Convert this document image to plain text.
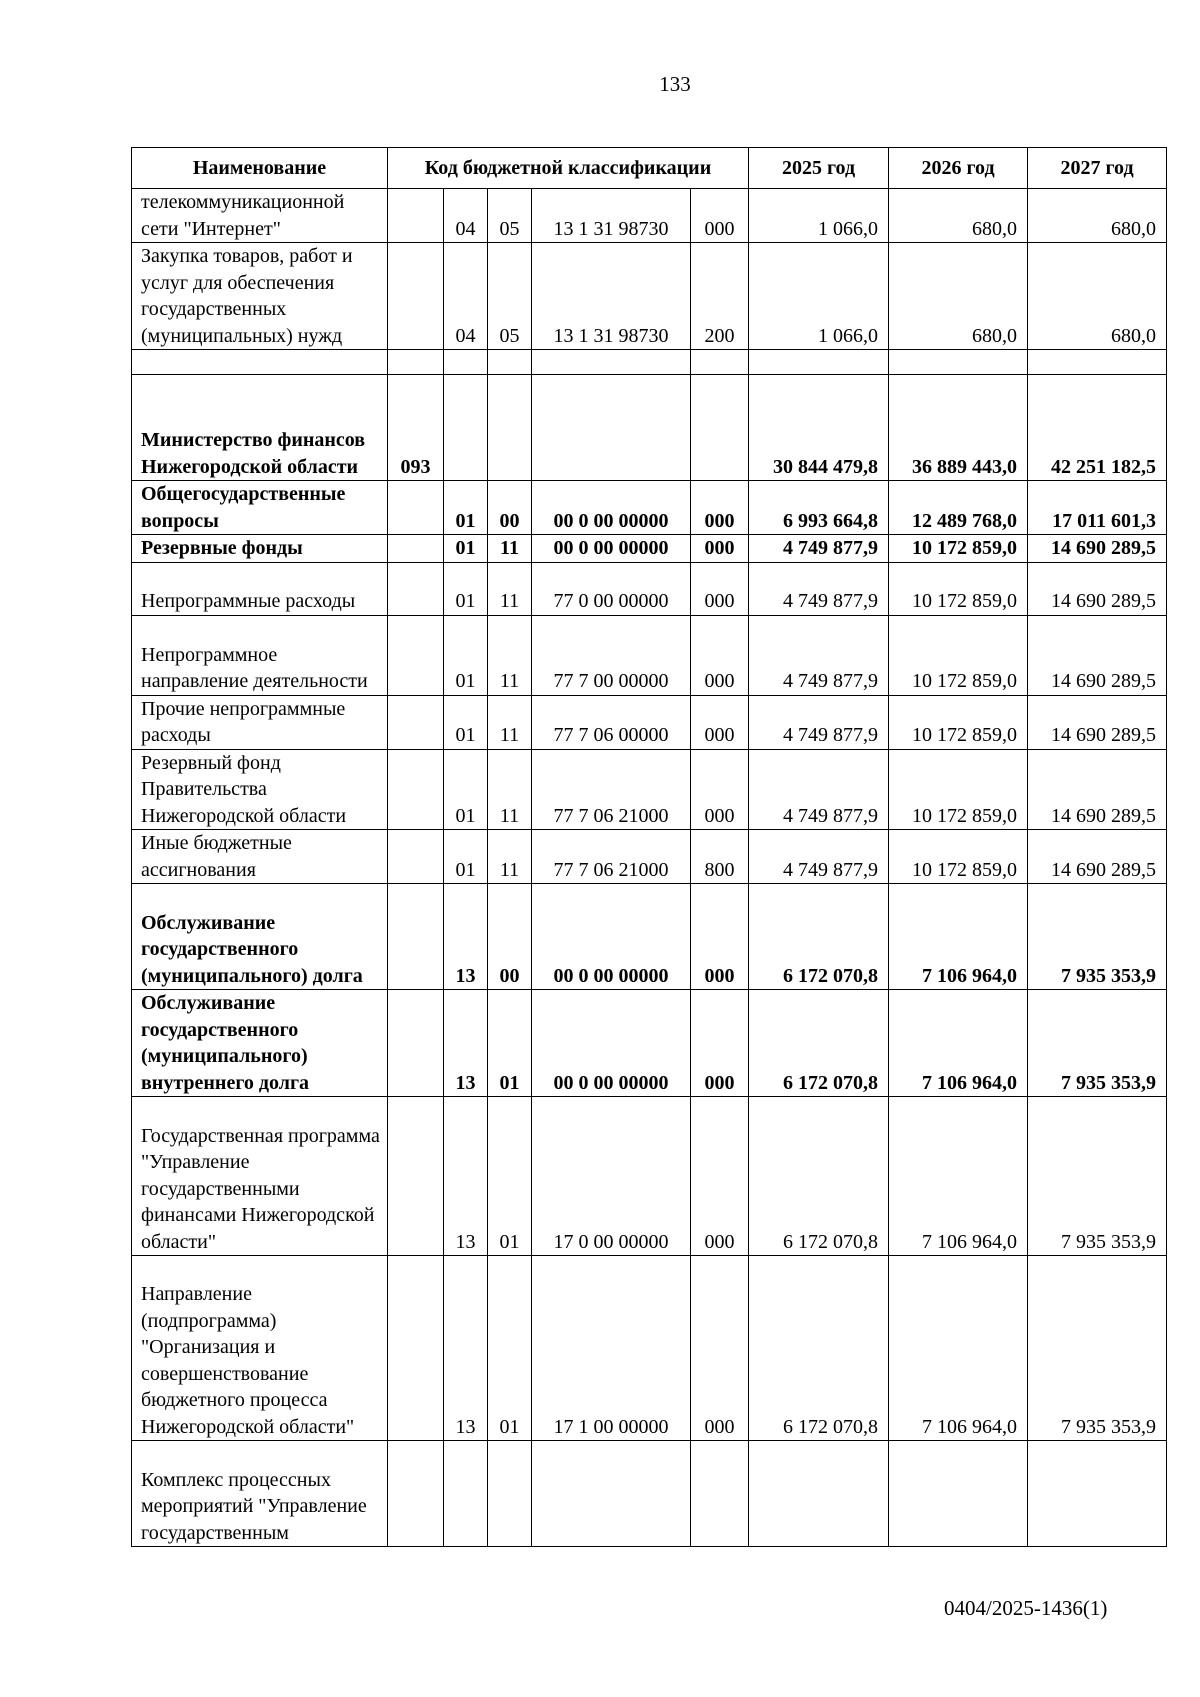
133
Наименование	Код бюджетной классификации					2025 год	2026 год	2027 год
телекоммуникационной сети "Интернет"		04	05	13 1 31 98730	000	1 066,0	680,0	680,0
Закупка товаров, работ и услуг для обеспечения государственных (муниципальных) нужд		04	05	13 1 31 98730	200	1 066,0	680,0	680,0

Министерство финансов Нижегородской области	093					30 844 479,8	36 889 443,0	42 251 182,5
Общегосударственные вопросы		01	00	00 0 00 00000	000	6 993 664,8	12 489 768,0	17 011 601,3
Резервные фонды		01	11	00 0 00 00000	000	4 749 877,9	10 172 859,0	14 690 289,5
Непрограммные расходы		01	11	77 0 00 00000	000	4 749 877,9	10 172 859,0	14 690 289,5
Непрограммное направление деятельности		01	11	77 7 00 00000	000	4 749 877,9	10 172 859,0	14 690 289,5
Прочие непрограммные расходы		01	11	77 7 06 00000	000	4 749 877,9	10 172 859,0	14 690 289,5
Резервный фонд Правительства Нижегородской области		01	11	77 7 06 21000	000	4 749 877,9	10 172 859,0	14 690 289,5
Иные бюджетные ассигнования		01	11	77 7 06 21000	800	4 749 877,9	10 172 859,0	14 690 289,5
Обслуживание государственного (муниципального) долга		13	00	00 0 00 00000	000	6 172 070,8	7 106 964,0	7 935 353,9
Обслуживание государственного (муниципального) внутреннего долга		13	01	00 0 00 00000	000	6 172 070,8	7 106 964,0	7 935 353,9
Государственная программа "Управление государственными финансами Нижегородской области"		13	01	17 0 00 00000	000	6 172 070,8	7 106 964,0	7 935 353,9
Направление (подпрограмма) "Организация и совершенствование бюджетного процесса Нижегородской области"		13	01	17 1 00 00000	000	6 172 070,8	7 106 964,0	7 935 353,9
Комплекс процессных мероприятий "Управление государственным								
0404/2025-1436(1)
